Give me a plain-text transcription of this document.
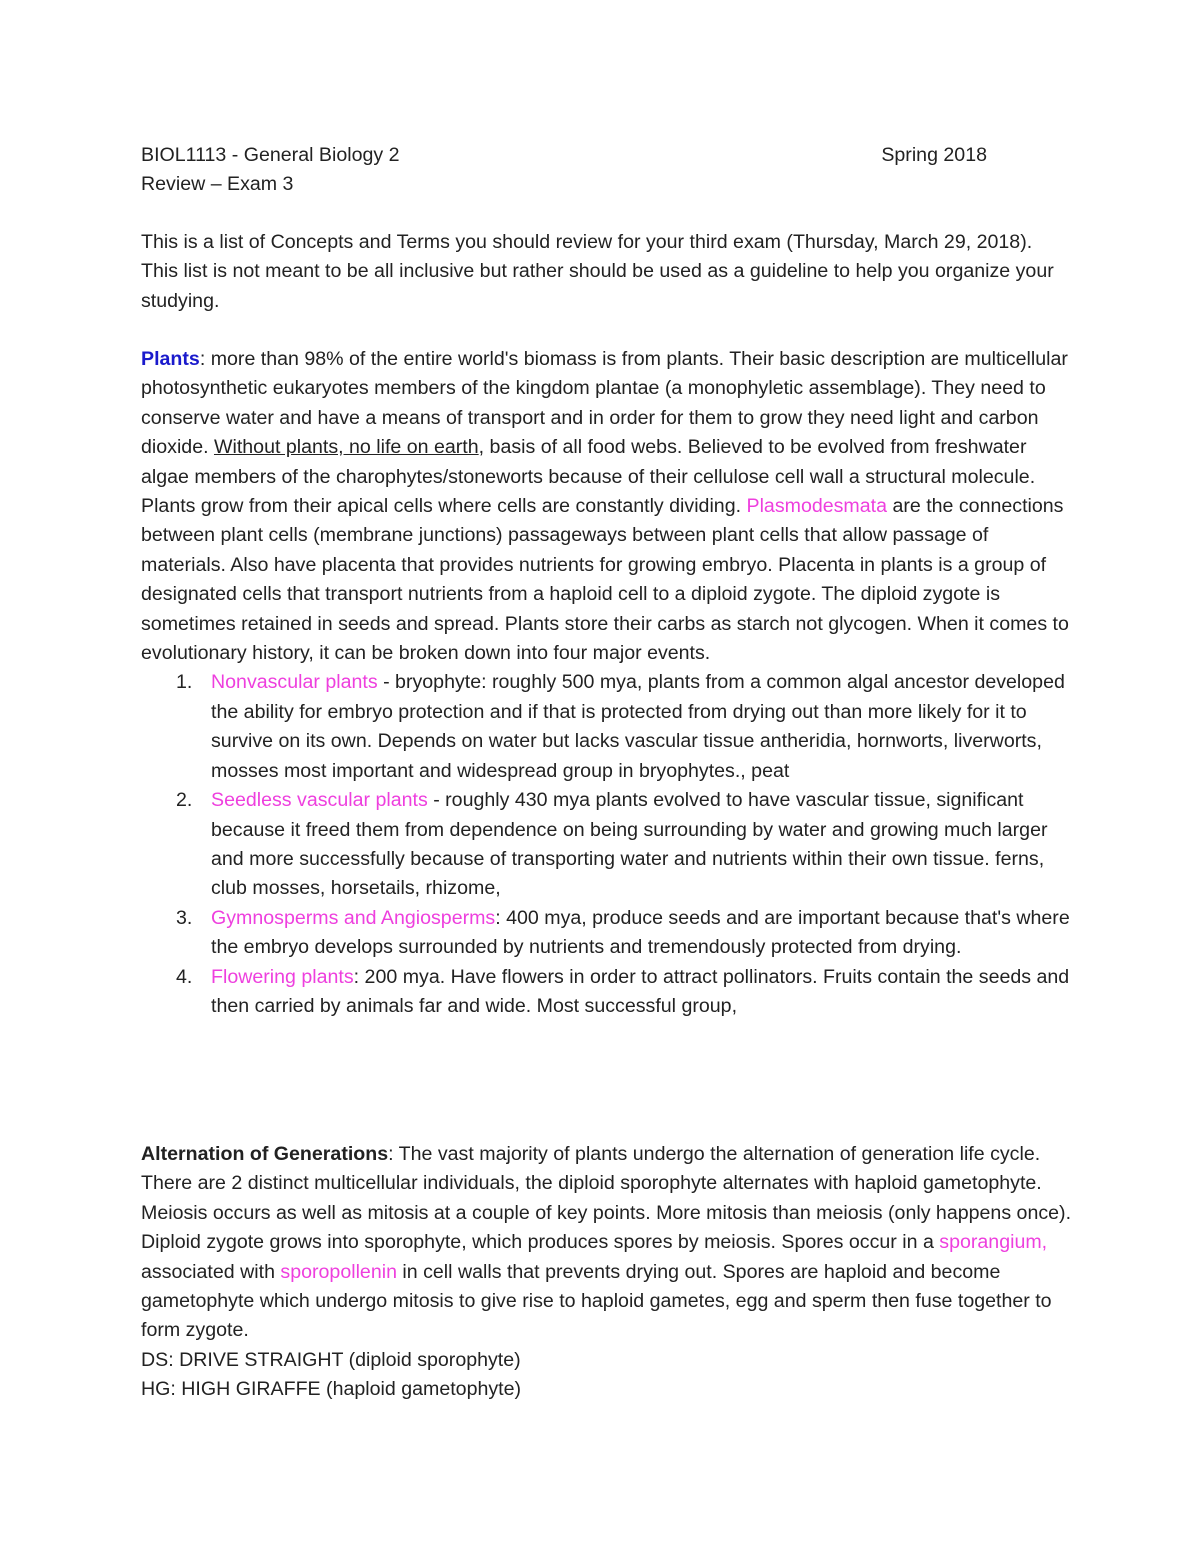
BIOL1113 - General Biology 2	Spring 2018
Review – Exam 3

This is a list of Concepts and Terms you should review for your third exam (Thursday, March 29, 2018). This list is not meant to be all inclusive but rather should be used as a guideline to help you organize your studying.

Plants: more than 98% of the entire world's biomass is from plants. Their basic description are multicellular photosynthetic eukaryotes members of the kingdom plantae (a monophyletic assemblage). They need to conserve water and have a means of transport and in order for them to grow they need light and carbon dioxide. Without plants, no life on earth, basis of all food webs. Believed to be evolved from freshwater algae members of the charophytes/stoneworts because of their cellulose cell wall a structural molecule. Plants grow from their apical cells where cells are constantly dividing. Plasmodesmata are the connections between plant cells (membrane junctions) passageways between plant cells that allow passage of materials. Also have placenta that provides nutrients for growing embryo. Placenta in plants is a group of designated cells that transport nutrients from a haploid cell to a diploid zygote. The diploid zygote is sometimes retained in seeds and spread. Plants store their carbs as starch not glycogen. When it comes to evolutionary history, it can be broken down into four major events.

1. Nonvascular plants - bryophyte: roughly 500 mya, plants from a common algal ancestor developed the ability for embryo protection and if that is protected from drying out than more likely for it to survive on its own. Depends on water but lacks vascular tissue antheridia, hornworts, liverworts, mosses most important and widespread group in bryophytes., peat
2. Seedless vascular plants - roughly 430 mya plants evolved to have vascular tissue, significant because it freed them from dependence on being surrounding by water and growing much larger and more successfully because of transporting water and nutrients within their own tissue. ferns, club mosses, horsetails, rhizome,
3. Gymnosperms and Angiosperms: 400 mya, produce seeds and are important because that's where the embryo develops surrounded by nutrients and tremendously protected from drying.
4. Flowering plants: 200 mya. Have flowers in order to attract pollinators. Fruits contain the seeds and then carried by animals far and wide. Most successful group,

Alternation of Generations: The vast majority of plants undergo the alternation of generation life cycle. There are 2 distinct multicellular individuals, the diploid sporophyte alternates with haploid gametophyte. Meiosis occurs as well as mitosis at a couple of key points. More mitosis than meiosis (only happens once). Diploid zygote grows into sporophyte, which produces spores by meiosis. Spores occur in a sporangium, associated with sporopollenin in cell walls that prevents drying out. Spores are haploid and become gametophyte which undergo mitosis to give rise to haploid gametes, egg and sperm then fuse together to form zygote.

DS: DRIVE STRAIGHT (diploid sporophyte)

HG: HIGH GIRAFFE (haploid gametophyte)
